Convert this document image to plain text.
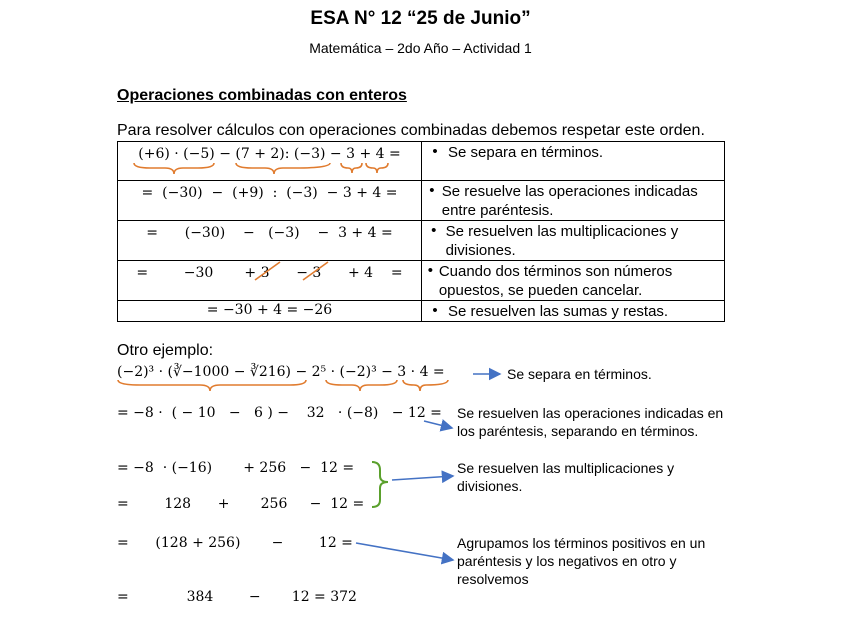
ESA N° 12 “25 de Junio”
Matemática – 2do Año – Actividad 1
Operaciones combinadas con enteros
Para resolver cálculos con operaciones combinadas debemos respetar este orden.
(+6) · (−5) − (7 + 2): (−3) − 3 + 4 =	• Se separa en términos.

=  (−30)  −  (+9)  :  (−3)  − 3 + 4 =	• Se resuelve las operaciones indicadas entre paréntesis.

=      (−30)    −   (−3)    −  3 + 4 =	• Se resuelven las multiplicaciones y divisiones.

=        −30       + 3      − 3      + 4    =	• Cuando dos términos son números opuestos, se pueden cancelar.

= −30 + 4 = −26	• Se resuelven las sumas y restas.
Otro ejemplo:
(−2)³ · (∛−1000 − ∛216) − 2⁵ · (−2)³ − 3 · 4 =	Se separa en términos.
= −8 ·  ( − 10   −   6 ) −    32   · (−8)   − 12 = Se resuelven las operaciones indicadas en los paréntesis, separando en términos.
= −8  · (−16)       + 256   −  12 =	Se resuelven las multiplicaciones y divisiones.
=        128      +       256     −  12 =
=      (128 + 256)       −        12 =	Agrupamos los términos positivos en un paréntesis y los negativos en otro y resolvemos
=             384        −       12 = 372
